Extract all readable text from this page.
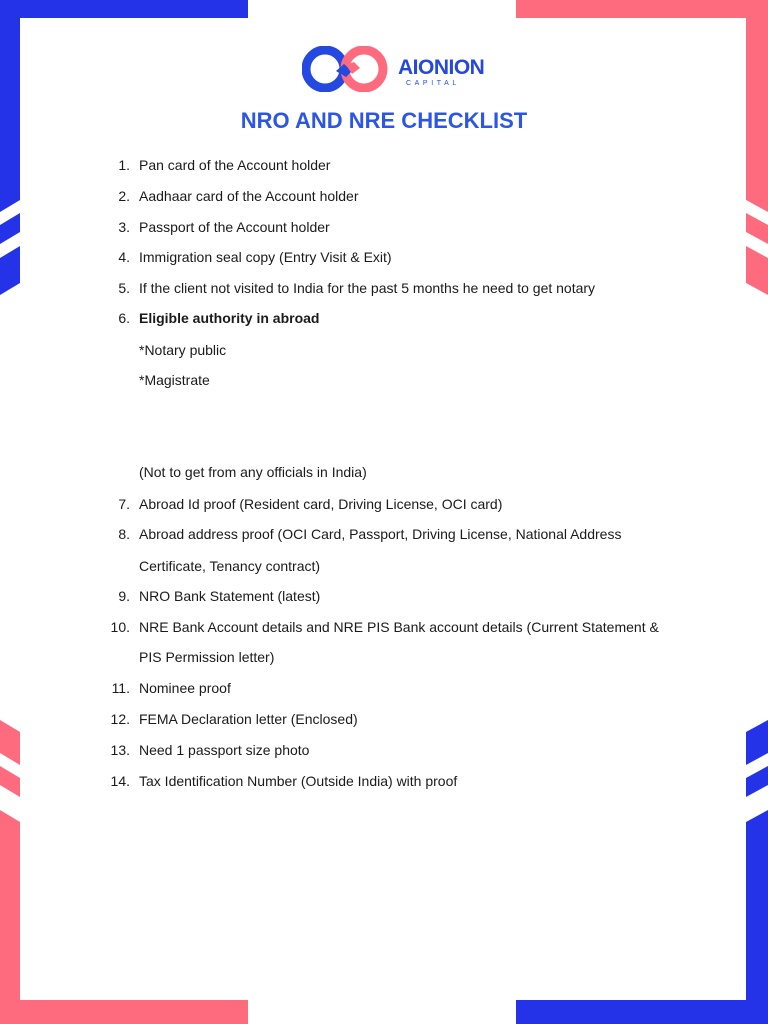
AIONION
CAPITAL
NRO AND NRE CHECKLIST
1. Pan card of the Account holder
2. Aadhaar card of the Account holder
3. Passport of the Account holder
4. Immigration seal copy (Entry Visit & Exit)
5. If the client not visited to India for the past 5 months he need to get notary
6. Eligible authority in abroad
*Notary public
*Magistrate
(Not to get from any officials in India)
7. Abroad Id proof (Resident card, Driving License, OCI card)
8. Abroad address proof (OCI Card, Passport, Driving License, National Address
Certificate, Tenancy contract)
9. NRO Bank Statement (latest)
10. NRE Bank Account details and NRE PIS Bank account details (Current Statement &
PIS Permission letter)
11. Nominee proof
12. FEMA Declaration letter (Enclosed)
13. Need 1 passport size photo
14. Tax Identification Number (Outside India) with proof
